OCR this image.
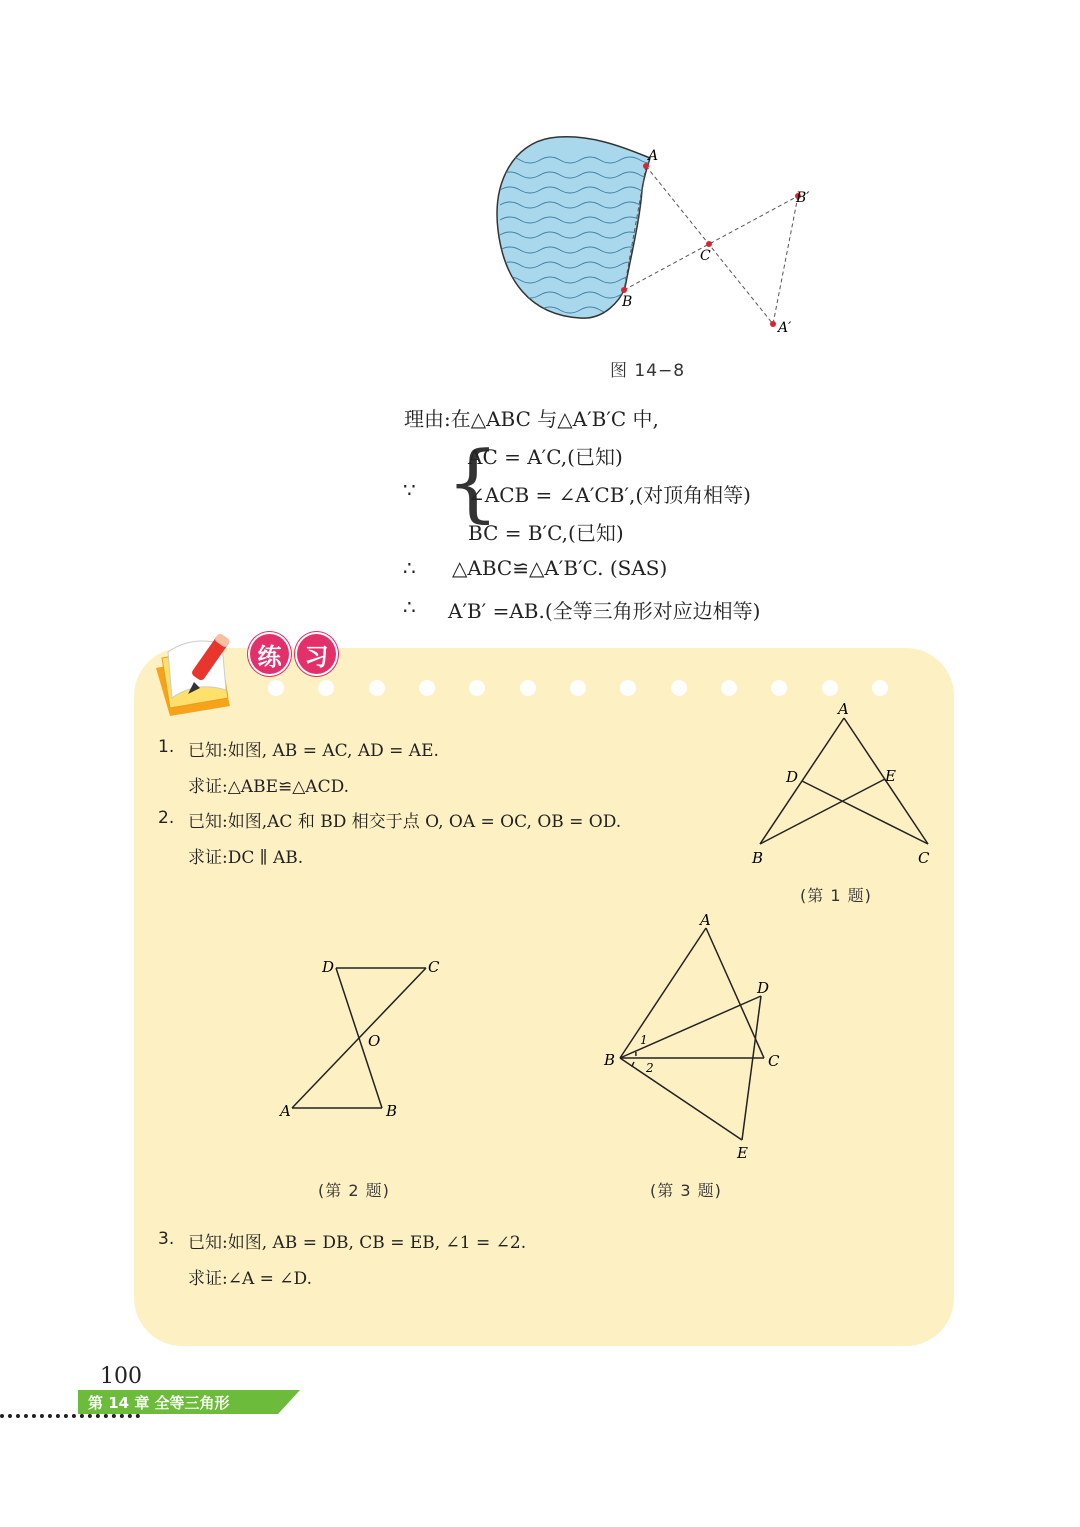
A
B
C
B′
A′
图 14−8
理由:在△ABC 与△A′B′C 中,
∵ {
AC = A′C,(已知)
∠ACB = ∠A′CB′,(对顶角相等)
BC = B′C,(已知)
∴ △ABC≌△A′B′C. (SAS)
∴ A′B′ =AB.(全等三角形对应边相等)
练 习
1. 已知:如图, AB = AC, AD = AE.
求证:△ABE≌△ACD.
2. 已知:如图,AC 和 BD 相交于点 O, OA = OC, OB = OD.
求证:DC ∥ AB.
3. 已知:如图, AB = DB, CB = EB, ∠1 = ∠2.
求证:∠A = ∠D.
A
D	E
B	C
(第 1 题)
D	C
O
A	B
(第 2 题)
A
D
1
2
B	C
E
(第 3 题)
100
第 14 章 全等三角形
